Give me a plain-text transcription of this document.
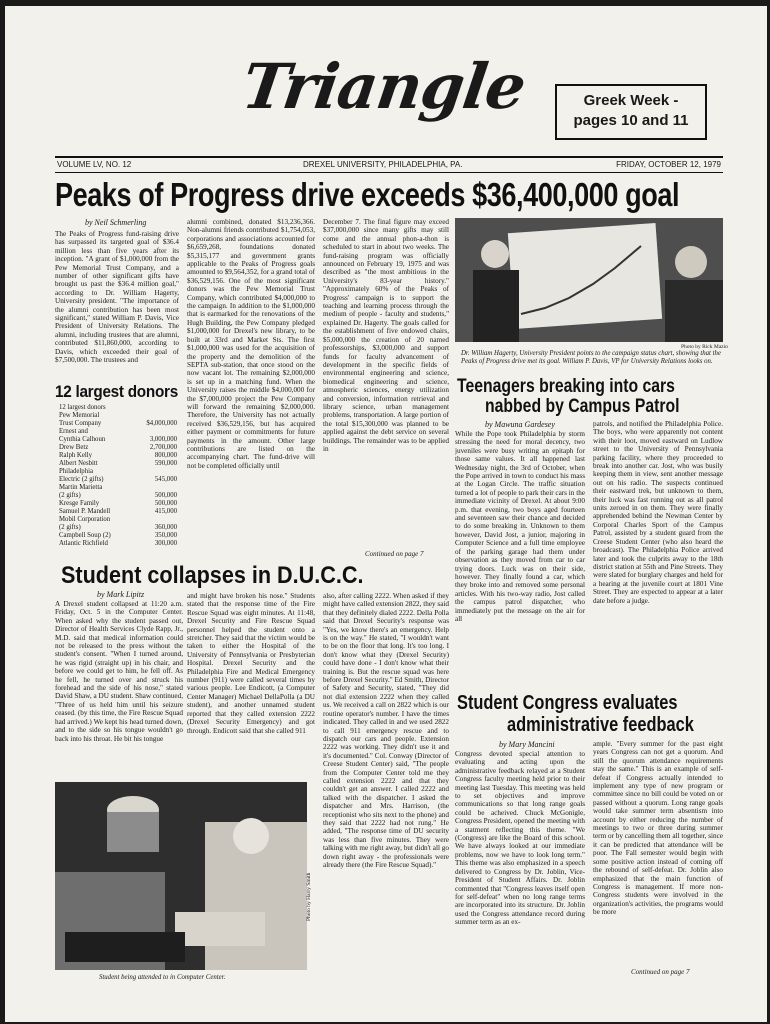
Triangle	Greek Week -
pages 10 and 11
VOLUME LV, NO. 12	DREXEL UNIVERSITY, PHILADELPHIA, PA.	FRIDAY, OCTOBER 12, 1979
Peaks of Progress drive exceeds $36,400,000 goal
by Neil Schmerling
The Peaks of Progress fund-raising drive has surpassed its targeted goal of $36.4 million less than five years after its inception. "A grant of $1,000,000 from the Pew Memorial Trust Company, and a number of other significant gifts have brought us past the $36.4 million goal," according to Dr. William Hagerty, University president. "The importance of the alumni contribution has been most significant," stated William P. Davis, Vice President of University Relations. The alumni, including trustees that are alumni, contributed $11,860,000, according to Davis, which exceeded their goal of $7,500,000. The trustees and
12 largest donors
12 largest donors
Pew Memorial
Trust Company	$4,000,000
Ernest and
Cynthia Calhoun	3,000,000
Drew Betz	2,700,000
Ralph Kelly	800,000
Albert Nesbitt	590,000
Philadelphia
Electric (2 gifts)	545,000
Martin Marietta
(2 gifts)	500,000
Kresge Family	500,000
Samuel P. Mandell	415,000
Mobil Corporation
(2 gifts)	360,000
Campbell Soup (2)	350,000
Atlantic Richfield	300,000
alumni combined, donated $13,236,366. Non-alumni friends contributed $1,754,053, corporations and associations accounted for $6,659,268, foundations donated $5,315,177 and government grants applicable to the Peaks of Progress goals amounted to $9,564,352, for a grand total of $36,529,156. One of the most significant donors was the Pew Memorial Trust Company, which contributed $4,000,000 to the campaign. In addition to the $1,000,000 that is earmarked for the renovations of the Hugh Building, the Pew Company pledged $1,000,000 for Drexel's new library, to be built at 33rd and Market Sts. The first $1,000,000 was used for the acquisition of the property and the demolition of the SEPTA sub-station, that once stood on the now vacant lot. The remaining $2,000,000 is set up in a matching fund. When the University raises the middle $4,000,000 for the $7,000,000 project the Pew Company will forward the remaining $2,000,000. Therefore, the University has not actually received $36,529,156, but has acquired either payment or commitments for future payments in the amount. Other large contributions are listed on the accompanying chart. The fund-drive will not be completed officially until
December 7. The final figure may exceed $37,000,000 since many gifts may still come and the annual phon-a-thon is scheduled to start in about two weeks. The fund-raising program was officially announced on February 19, 1975 and was described as "the most ambitious in the University's 83-year history." "Approximately 60% of the Peaks of Progress' campaign is to support the teaching and learning process through the medium of people - faculty and students," explained Dr. Hagerty. The goals called for the establishment of five endowed chairs, $5,000,000 the creation of 20 named professorships, $3,000,000 and support funds for faculty advancement of development in the specific fields of environmental engineering and science, biomedical engineering and science, atmospheric sciences, energy utilization and conversion, information retrieval and library science, urban management problems, transportation. A large portion of the total $15,300,000 was planned to be applied against the debt service on several buildings. The remainder was to be applied in
Continued on page 7
Photo by Rick Mazio
Dr. William Hagerty, University President points to the campaign status chart, showing that the Peaks of Progress drive met its goal. William P. Davis, VP for University Relations looks on.
Teenagers breaking into cars
nabbed by Campus Patrol
by Mawuna Gardesey
While the Pope took Philadelphia by storm stressing the need for moral decency, two juveniles were busy writing an epitaph for those same values. It all happened last Wednesday night, the 3rd of October, when the Pope arrived in town to conduct his mass at the Logan Circle. The traffic situation turned a lot of people to park their cars in the immediate vicinity of Drexel. At about 9:00 p.m. that evening, two boys aged fourteen and seventeen saw their chance and decided to do some breaking in. Unknown to them however, David Jost, a junior, majoring in Computer Science and a full time employee of the parking garage had them under observation as they moved from car to car trying doors. Luck was on their side, however. They finally found a car, which they broke into and removed some personal articles. With his two-way radio, Jost called the campus patrol dispatcher, who immediately put the message on the air for all
patrols, and notified the Philadelphia Police. The boys, who were apparently not content with their loot, moved eastward on Ludlow street to the University of Pennsylvania parking facility, where they proceeded to break into another car. Jost, who was busily keeping them in view, sent another message out on his radio. The suspects continued their eastward trek, but unknown to them, their luck was fast running out as all patrol units zeroed in on them. They were finally apprehended behind the Newman Center by Corporal Charles Sport of the Campus Patrol, assisted by a student guard from the Creese Student Center (who also heard the broadcast). The Philadelphia Police arrived later and took the culprits away to the 18th district station at 55th and Pine Streets. They were slated for burglary charges and held for a hearing at the juvenile court at 1801 Vine Street. They are expected to appear at a later date before a judge.
Student collapses in D.U.C.C.
by Mark Lipitz
A Drexel student collapsed at 11:20 a.m. Friday, Oct. 5 in the Computer Center. When asked why the student passed out, Director of Health Services Clyde Rapp, Jr., M.D. said that medical information could not be released to the press without the student's consent. "When I turned around, he was rigid (straight up) in his chair, and before we could get to him, he fell off. As he fell, he turned over and struck his forehead and the side of his nose," stated David Shaw, a DU student. Shaw continued, "Three of us held him until his seizure ceased. (by this time, the Fire Rescue Squad had arrived.) We kept his head turned down, and to the side so his tongue wouldn't go back into his throat. He bit his tongue
and might have broken his nose." Students stated that the response time of the Fire Rescue Squad was eight minutes. At 11:48, Drexel Security and Fire Rescue Squad personnel helped the student onto a stretcher. They said that the victim would be taken to either the Hospital of the University of Pennsylvania or Presbyterian Hospital. Drexel Security and the Philadelphia Fire and Medical Emergency number (911) were called several times by various people. Lee Endicott, (a Computer Center Manager) Michael DellaPolla (a DU student), and another unnamed student reported that they called extension 2222 (Drexel Security Emergency) and got through. Endicott said that she called 911
also, after calling 2222. When asked if they might have called extension 2822, they said that they definitely dialed 2222. Della Polla said that Drexel Security's response was "Yes, we know there's an emergency. Help is on the way." He stated, "I wouldn't want to be on the floor that long. It's too long. I don't know what they (Drexel Security) could have done - I don't know what their training is. But the rescue squad was here before Drexel Security." Ed Smith, Director of Safety and Security, stated, "They did not dial extension 2222 when they called us. We received a call on 2822 which is our routine operator's number. I have the times indicated. They called in and we used 2822 to call 911 emergency rescue and to dispatch our cars and people. Extension 2222 was working. They didn't use it and it's documented." Col. Conway (Director of Creese Student Center) said, "The people from the Computer Center told me they called extension 2222 and that they couldn't get an answer. I called 2222 and talked with the dispatcher. I asked the dispatcher and Mrs. Harrison, (the receptionist who sits next to the phone) and they said that 2222 had not rung." He added, "The response time of DU security was less than five minutes. They were talking with me right away, but didn't all go down right away - the professionals were already there (the Fire Rescue Squad)."
Photo by Harry Smith
Student being attended to in Computer Center.
Student Congress evaluates
administrative feedback
by Mary Mancini
Congress devoted special attention to evaluating and acting upon the administrative feedback relayed at a Student Congress faculty meeting held prior to their meeting last Tuesday. This meeting was held to set objectives and improve communications so that long range goals could be acheived. Chuck McGonigle, Congress President, opened the meeting with a statment reflecting this theme. "We (Congress) are like the Board of this school. We have always looked at our immediate problems, now we have to look long term." This theme was also emphasized in a speech delivered to Congress by Dr. Joblin, Vice-President of Student Affairs. Dr. Joblin commented that "Congress leaves itself open for self-defeat" when no long range terms are incorporated into its structure. Dr. Joblin used the Congress attendance record during summer term as an ex-
ample. "Every summer for the past eight years Congress can not get a quorum. And still the quorum attendance requirements stay the same." This is an example of self-defeat if Congress actually intended to implement any type of new program or committee since no bill could be voted on or passed without a quorum. Long range goals would take summer term absentism into account by either reducing the number of meetings to two or three during summer term or by cancelling them all together, since it can be predicted that attendance will be poor. The Fall semester would begin with some positive action instead of coming off the rebound of self-defeat. Dr. Joblin also emphasized that the main function of Congress is management. If more non-Congress students were involved in the organization's activities, the programs would be more
Continued on page 7
